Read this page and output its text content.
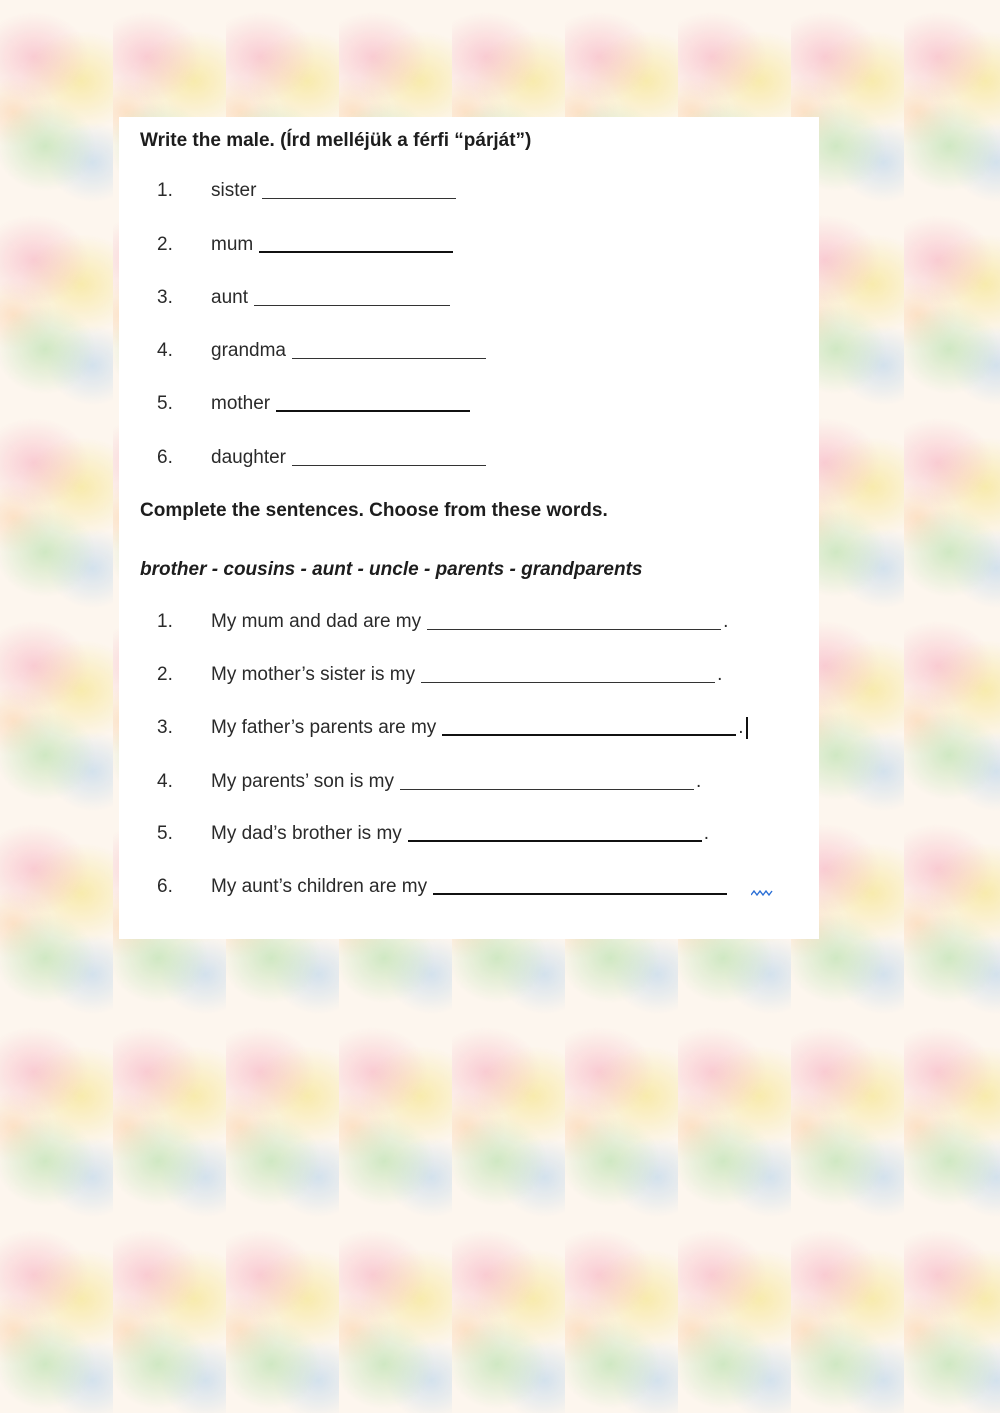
Write the male. (Írd melléjük a férfi “párját”)
1. sister
2. mum
3. aunt
4. grandma
5. mother
6. daughter
Complete the sentences. Choose from these words.
brother - cousins - aunt - uncle - parents - grandparents
1. My mum and dad are my	.
2. My mother’s sister is my	.
3. My father’s parents are my	.
4. My parents’ son is my	.
5. My dad’s brother is my	.
6. My aunt’s children are my
